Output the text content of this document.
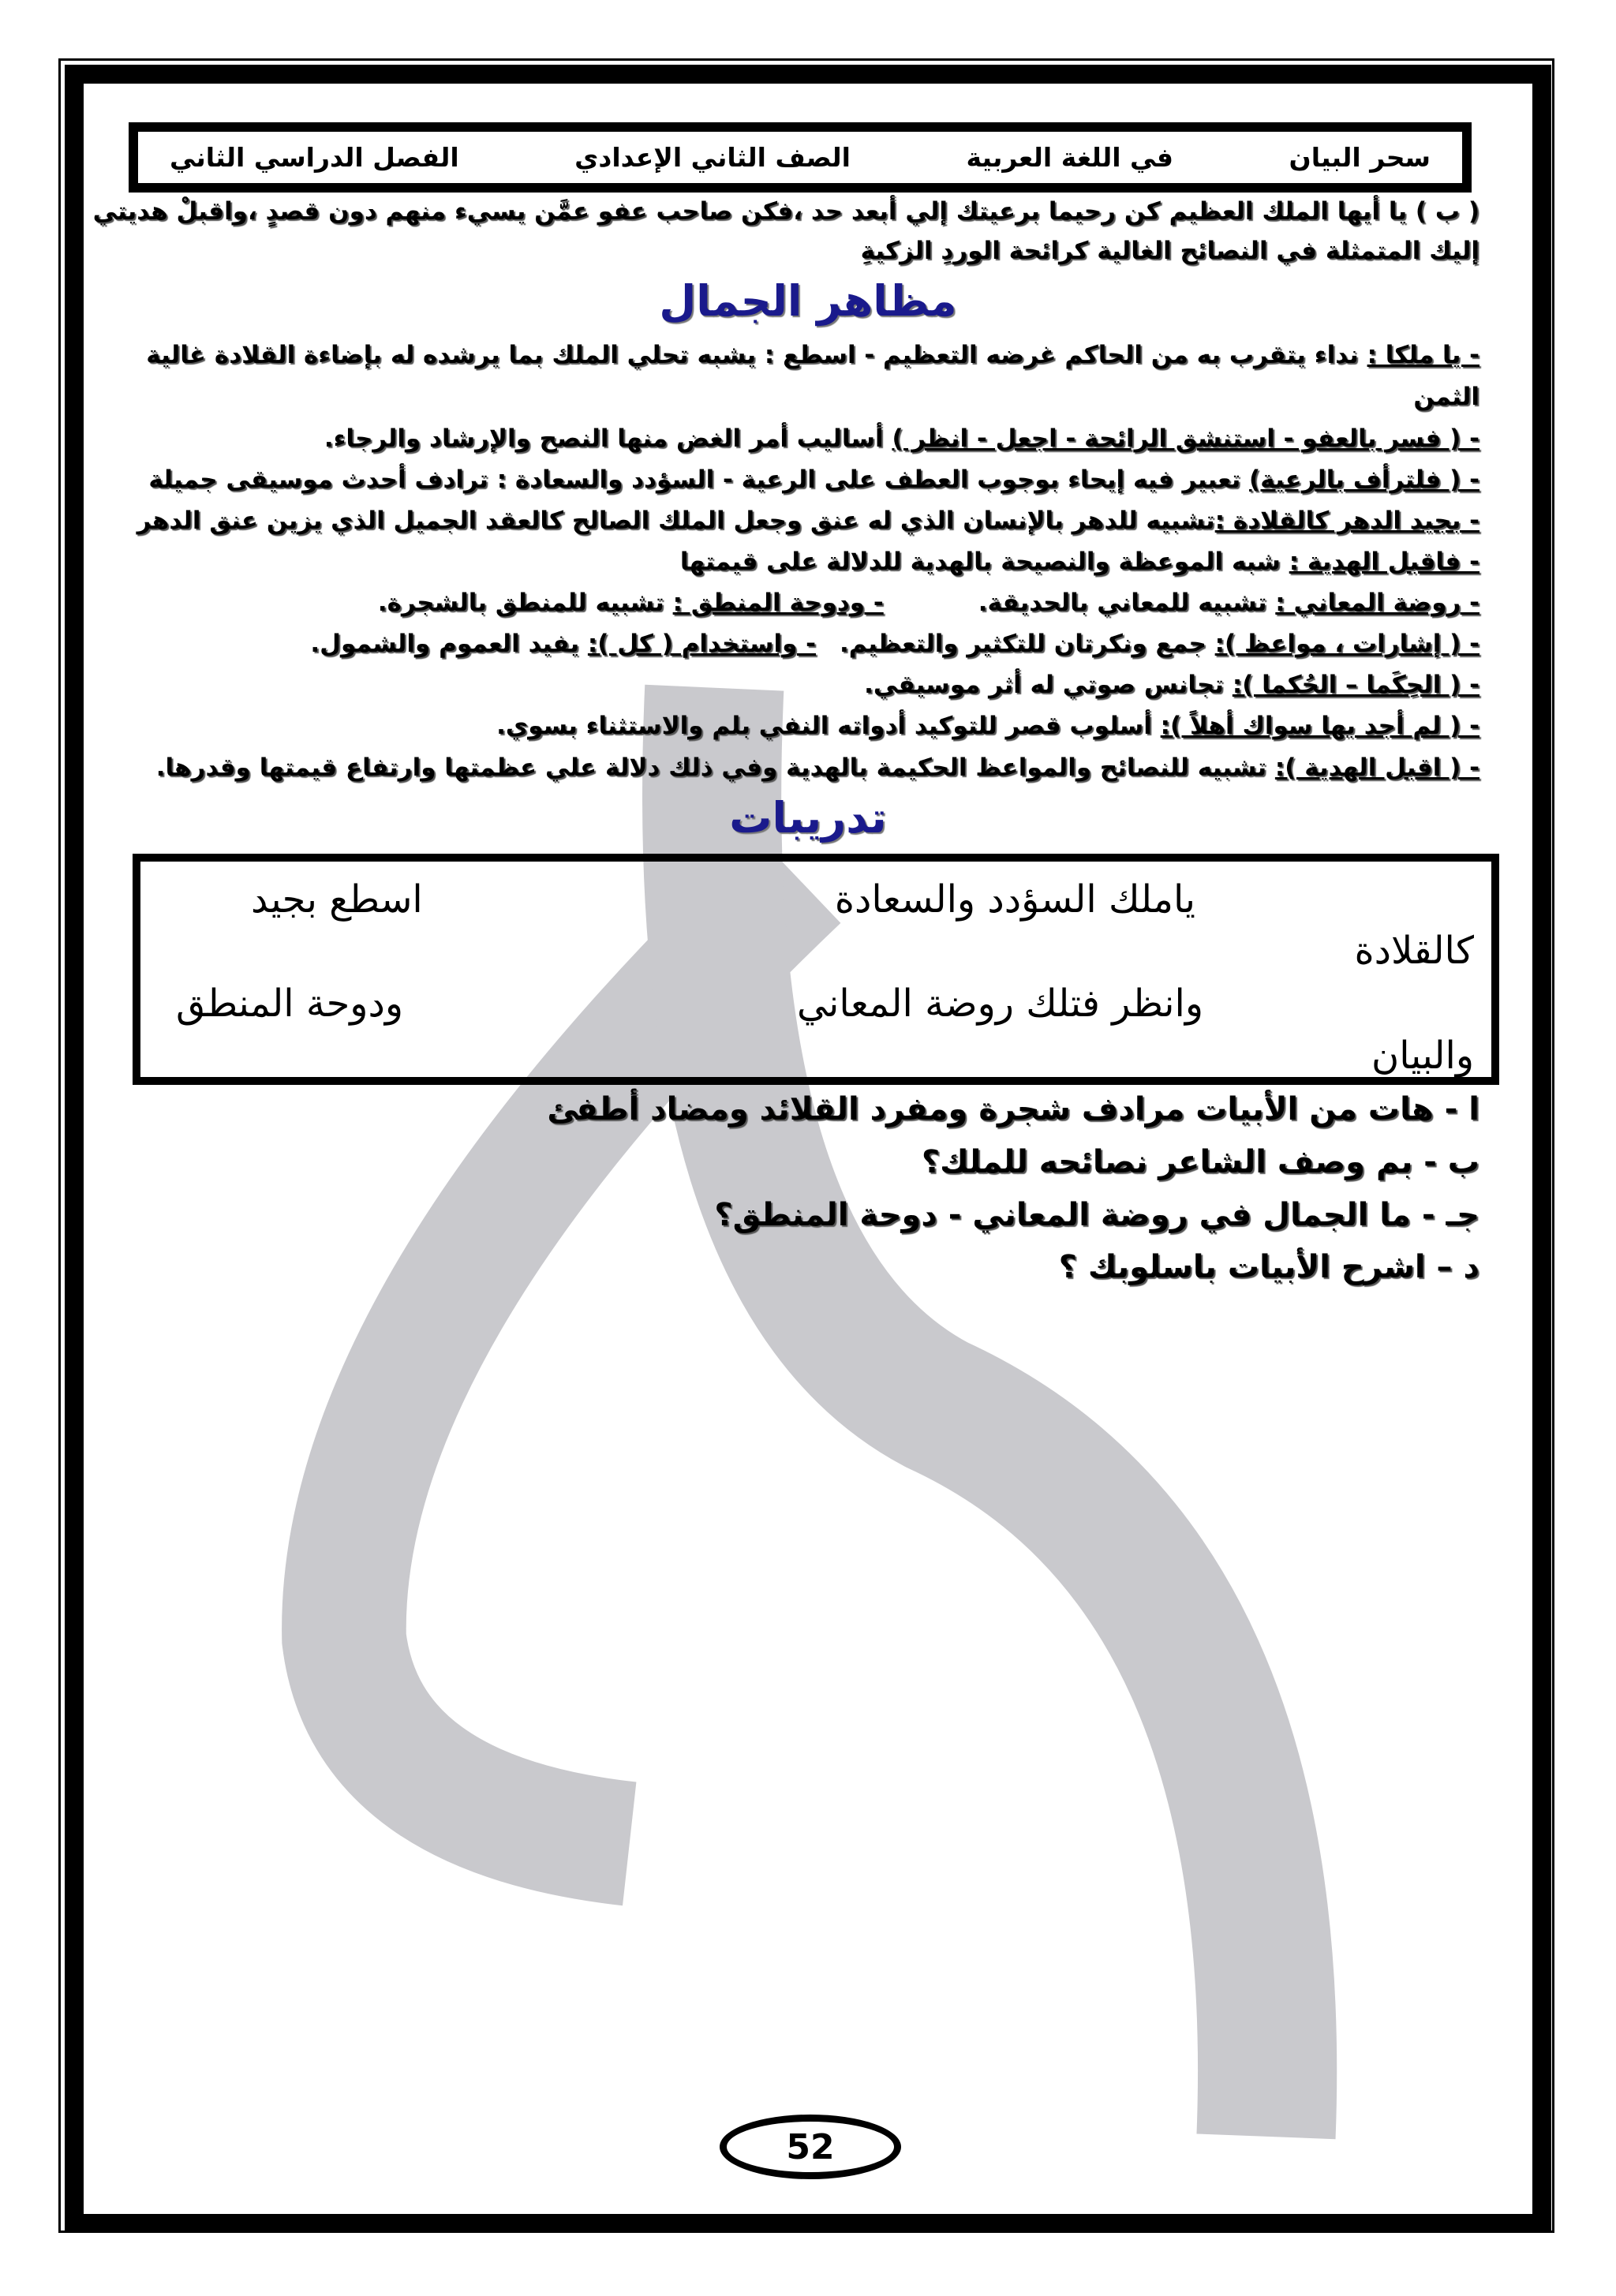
سحر البيان
في اللغة العربية
الصف الثاني الإعدادي
الفصل الدراسي الثاني
( ب ) يا أيها الملك العظيم كن رحيما برعيتك إلي أبعد حد ،فكن صاحب عفو عمَّن يسيء منهم دون قصدٍ ،واقبلْ هديتي
إليك المتمثلة في النصائح الغالية كرائحة الوردِ الزكيةِ
مظاهر الجمال
- يا ملكا : نداء يتقرب به من الحاكم غرضه التعظيم - اسطع : يشبه تحلي الملك بما يرشده له بإضاءة القلادة غالية
الثمن
- ( فسر بالعفو - استنشق الرائحة - اجعل - انظر ) أساليب أمر الغض منها النصح والإرشاد والرجاء.
- ( فلترأف بالرعية) تعبير فيه إيحاء بوجوب العطف على الرعية - السؤدد والسعادة : ترادف أحدث موسيقى جميلة
- بجيد الدهر كالقلادة :تشبيه للدهر بالإنسان الذي له عنق وجعل الملك الصالح كالعقد الجميل الذي يزين عنق الدهر
- فاقبل الهدية : شبه الموعظة والنصيحة بالهدية للدلالة على قيمتها
- روضة المعاني : تشبيه للمعاني بالحديقة.- ودوحة المنطق : تشبيه للمنطق بالشجرة.
- ( إشارات ، مواعظ ): جمع ونكرتان للتكثير والتعظيم.- واستخدام ( كل ): يفيد العموم والشمول.
- ( الحِكَما – الحُكما ): تجانس صوتي له أثر موسيقي.
- ( لم أجد بها سواك أهلاً ): أسلوب قصر للتوكيد أدواته النفي بلم والاستثناء بسوي.
- ( اقبل الهدية ): تشبيه للنصائح والمواعظ الحكيمة بالهدية وفي ذلك دلالة علي عظمتها وارتفاع قيمتها وقدرها.
تدريبات
ياملك السؤدد والسعادة
اسطع بجيد
كالقلادة
وانظر فتلك روضة المعاني
ودوحة المنطق
والبيان
ا - هات من الأبيات مرادف شجرة ومفرد القلائد ومضاد أطفئ
ب - بم وصف الشاعر نصائحه للملك؟
جـ - ما الجمال في روضة المعاني - دوحة المنطق؟
د – اشرح الأبيات باسلوبك ؟
52
